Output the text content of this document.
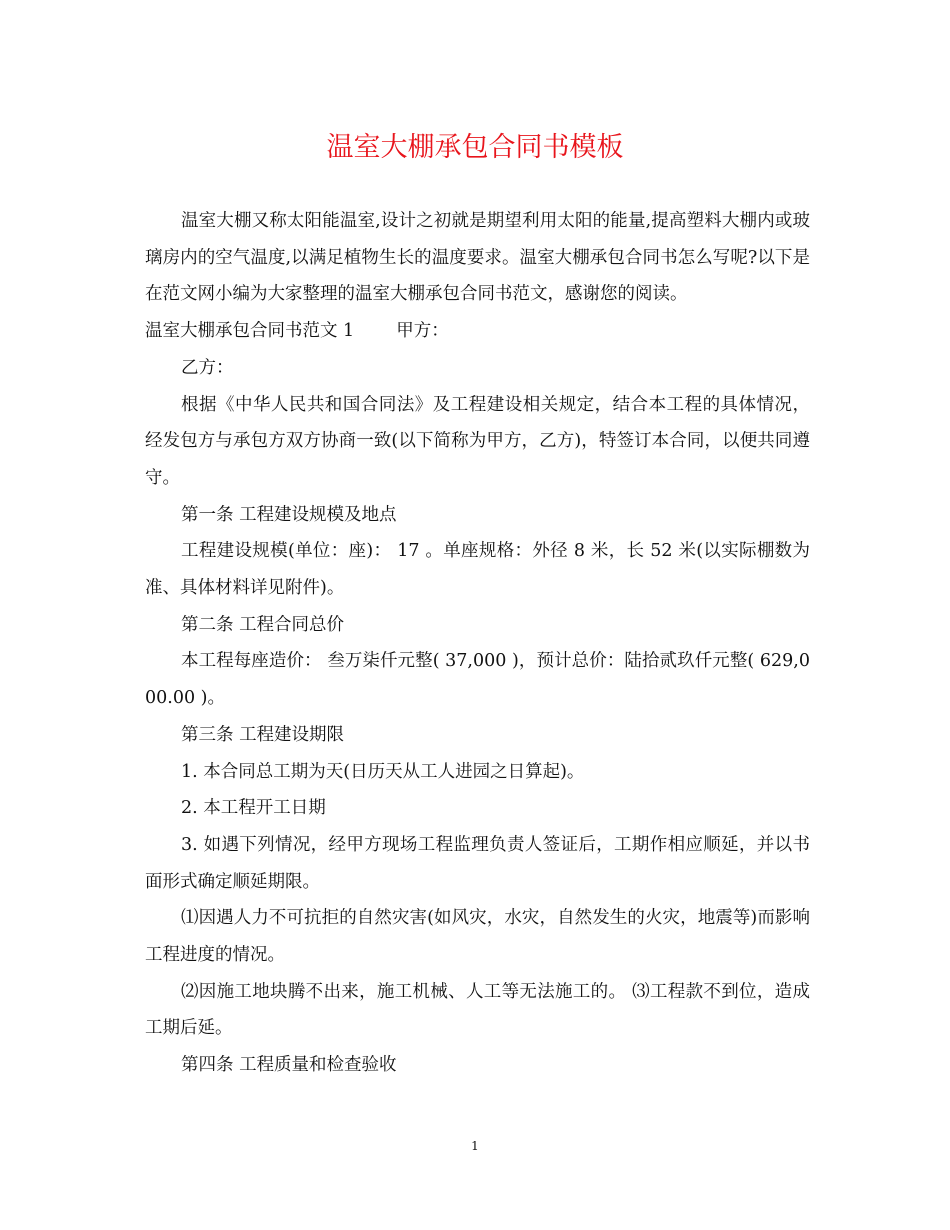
温室大棚承包合同书模板

温室大棚又称太阳能温室,设计之初就是期望利用太阳的能量,提高塑料大棚内或玻璃房内的空气温度,以满足植物生长的温度要求。温室大棚承包合同书怎么写呢?以下是在范文网小编为大家整理的温室大棚承包合同书范文，感谢您的阅读。

温室大棚承包合同书范文 1 甲方：

乙方：

根据《中华人民共和国合同法》及工程建设相关规定，结合本工程的具体情况，经发包方与承包方双方协商一致(以下简称为甲方，乙方)，特签订本合同，以便共同遵守。

第一条 工程建设规模及地点

工程建设规模(单位：座)： 17 。单座规格：外径 8 米，长 52 米(以实际棚数为准、具体材料详见附件)。

第二条 工程合同总价

本工程每座造价： 叁万柒仟元整( 37,000 )，预计总价：陆拾贰玖仟元整( 629,000.00 )。

第三条 工程建设期限

1. 本合同总工期为天(日历天从工人进园之日算起)。

2. 本工程开工日期

3. 如遇下列情况，经甲方现场工程监理负责人签证后，工期作相应顺延，并以书面形式确定顺延期限。

⑴因遇人力不可抗拒的自然灾害(如风灾，水灾，自然发生的火灾，地震等)而影响工程进度的情况。

⑵因施工地块腾不出来，施工机械、人工等无法施工的。 ⑶工程款不到位，造成工期后延。

第四条 工程质量和检查验收

1
